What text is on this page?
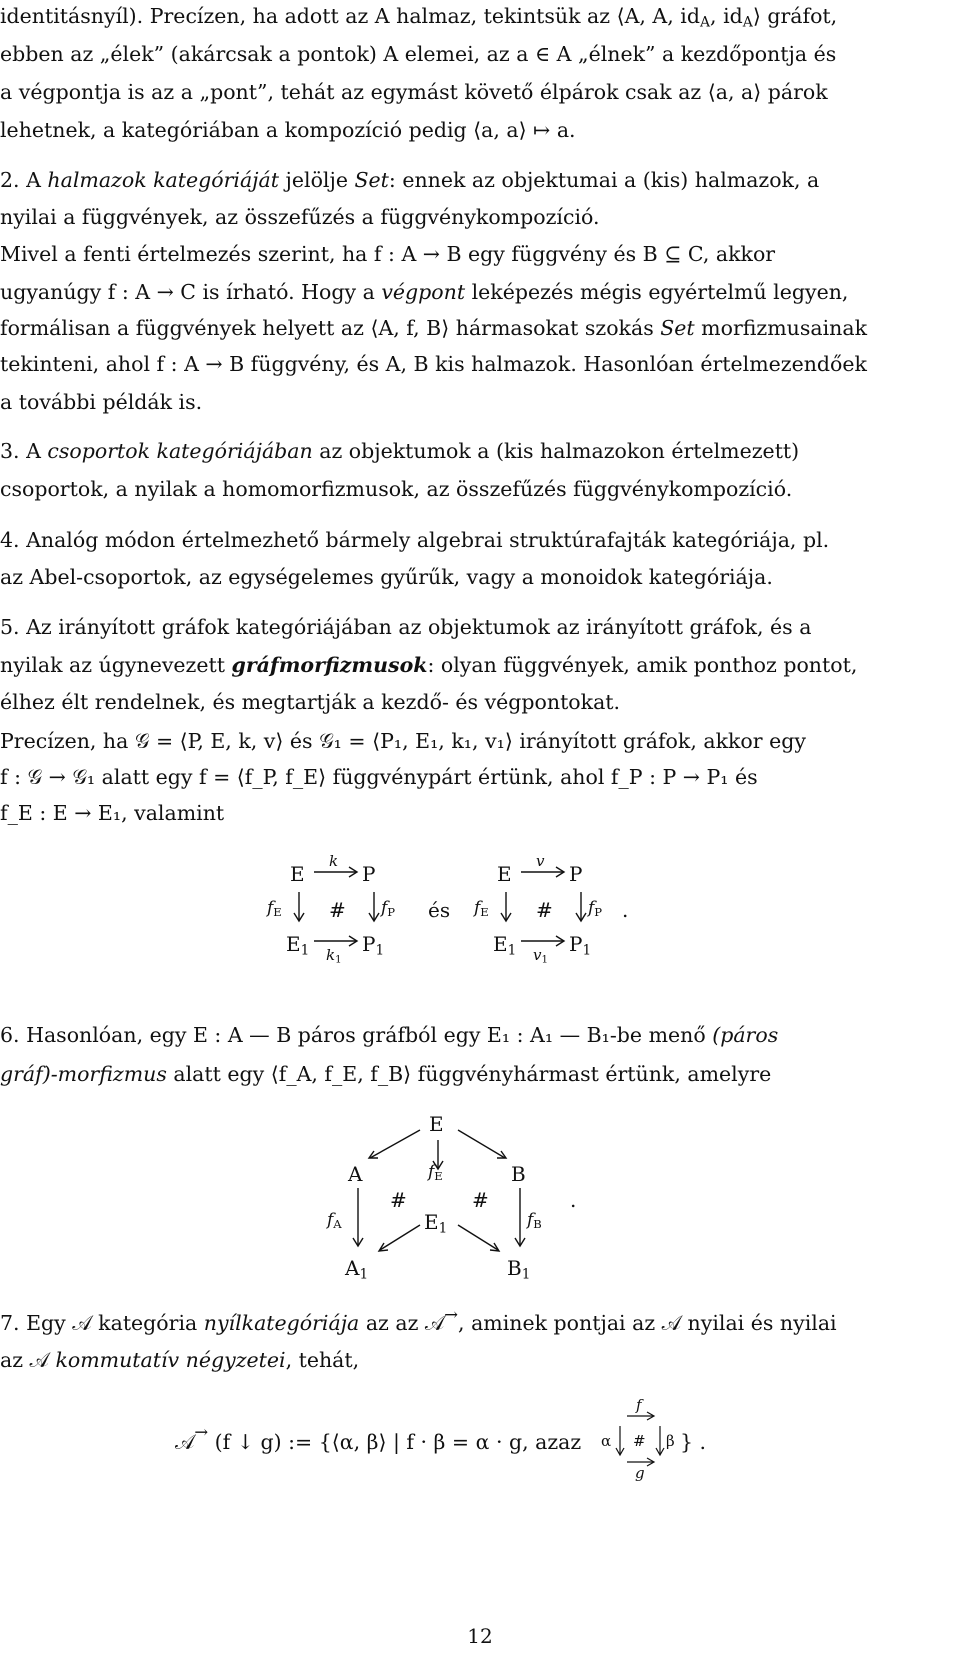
identitásnyíl). Precízen, ha adott az A halmaz, tekintsük az ⟨A, A, $id_A$, $id_A⟩$ gráfot,
ebben az „élek” (akárcsak a pontok) A elemei, az a ∈ A „élnek” a kezdőpontja és
a végpontja is az a „pont”, tehát az egymást követő élpárok csak az ⟨a, a⟩ párok
lehetnek, a kategóriában a kompozíció pedig ⟨a, a⟩ ↦ a.
2. A halmazok kategóriáját jelölje Set: ennek az objektumai a (kis) halmazok, a
nyilai a függvények, az összefűzés a függvénykompozíció.
Mivel a fenti értelmezés szerint, ha f : A → B egy függvény és B ⊆ C, akkor
ugyanúgy f : A → C is írható. Hogy a végpont leképezés mégis egyértelmű legyen,
formálisan a függvények helyett az ⟨A, f, B⟩ hármasokat szokás Set morfizmusainak
tekinteni, ahol f : A → B függvény, és A, B kis halmazok. Hasonlóan értelmezendőek
a további példák is.
3. A csoportok kategóriájában az objektumok a (kis halmazokon értelmezett)
csoportok, a nyilak a homomorfizmusok, az összefűzés függvénykompozíció.
4. Analóg módon értelmezhető bármely algebrai struktúrafajták kategóriája, pl.
az Abel-csoportok, az egységelemes gyűrűk, vagy a monoidok kategóriája.
5. Az irányított gráfok kategóriájában az objektumok az irányított gráfok, és a
nyilak az úgynevezett gráfmorfizmusok: olyan függvények, amik ponthoz pontot,
élhez élt rendelnek, és megtartják a kezdő- és végpontokat.
Precízen, ha 𝒢 = ⟨P, E, k, v⟩ és 𝒢₁ = ⟨P₁, E₁, k₁, v₁⟩ irányított gráfok, akkor egy
f : 𝒢 → 𝒢₁ alatt egy f = ⟨f_P, f_E⟩ függvénypárt értünk, ahol f_P : P → P₁ és
f_E : E → E₁, valamint
E
k
P
$f_E$ # $f_P$
$E_1$	$P_1$
$k_1$
és
E
v
P
$f_E$ # $f_P$ .
$E_1$	$P_1$
$v_1$
6. Hasonlóan, egy E : A — B páros gráfból egy E₁ : A₁ — B₁-be menő (páros
gráf)-morfizmus alatt egy ⟨f_A, f_E, f_B⟩ függvényhármast értünk, amelyre
E
A	$f_E$	B
#	#	.
$f_A$	$E_1$	$f_B$
$A_1$	$B_1$
7. Egy 𝒜 kategória nyílkategóriája az az 𝒜→, aminek pontjai az 𝒜 nyilai és nyilai
az 𝒜 kommutatív négyzetei, tehát,
𝒜→ (f ↓ g) := {⟨α, β⟩ | f · β = α · g, azaz	} .
f
α # β
g
12
